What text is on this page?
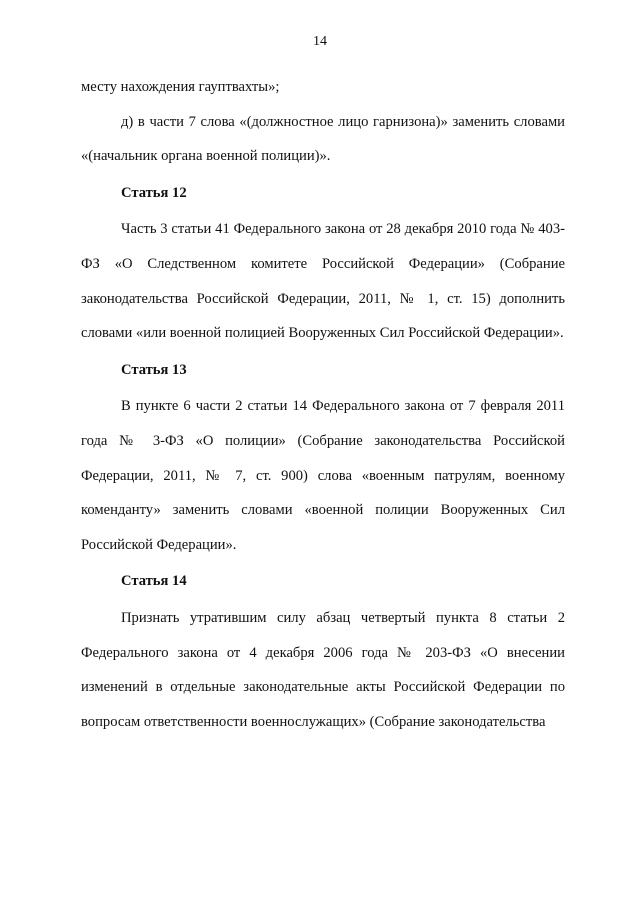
14

месту нахождения гауптвахты»;

д) в части 7 слова «(должностное лицо гарнизона)» заменить словами «(начальник органа военной полиции)».

Статья 12

Часть 3 статьи 41 Федерального закона от 28 декабря 2010 года № 403-ФЗ «О Следственном комитете Российской Федерации» (Собрание законодательства Российской Федерации, 2011, № 1, ст. 15) дополнить словами «или военной полицией Вооруженных Сил Российской Федерации».

Статья 13

В пункте 6 части 2 статьи 14 Федерального закона от 7 февраля 2011 года № 3-ФЗ «О полиции» (Собрание законодательства Российской Федерации, 2011, № 7, ст. 900) слова «военным патрулям, военному коменданту» заменить словами «военной полиции Вооруженных Сил Российской Федерации».

Статья 14

Признать утратившим силу абзац четвертый пункта 8 статьи 2 Федерального закона от 4 декабря 2006 года № 203-ФЗ «О внесении изменений в отдельные законодательные акты Российской Федерации по вопросам ответственности военнослужащих» (Собрание законодательства
